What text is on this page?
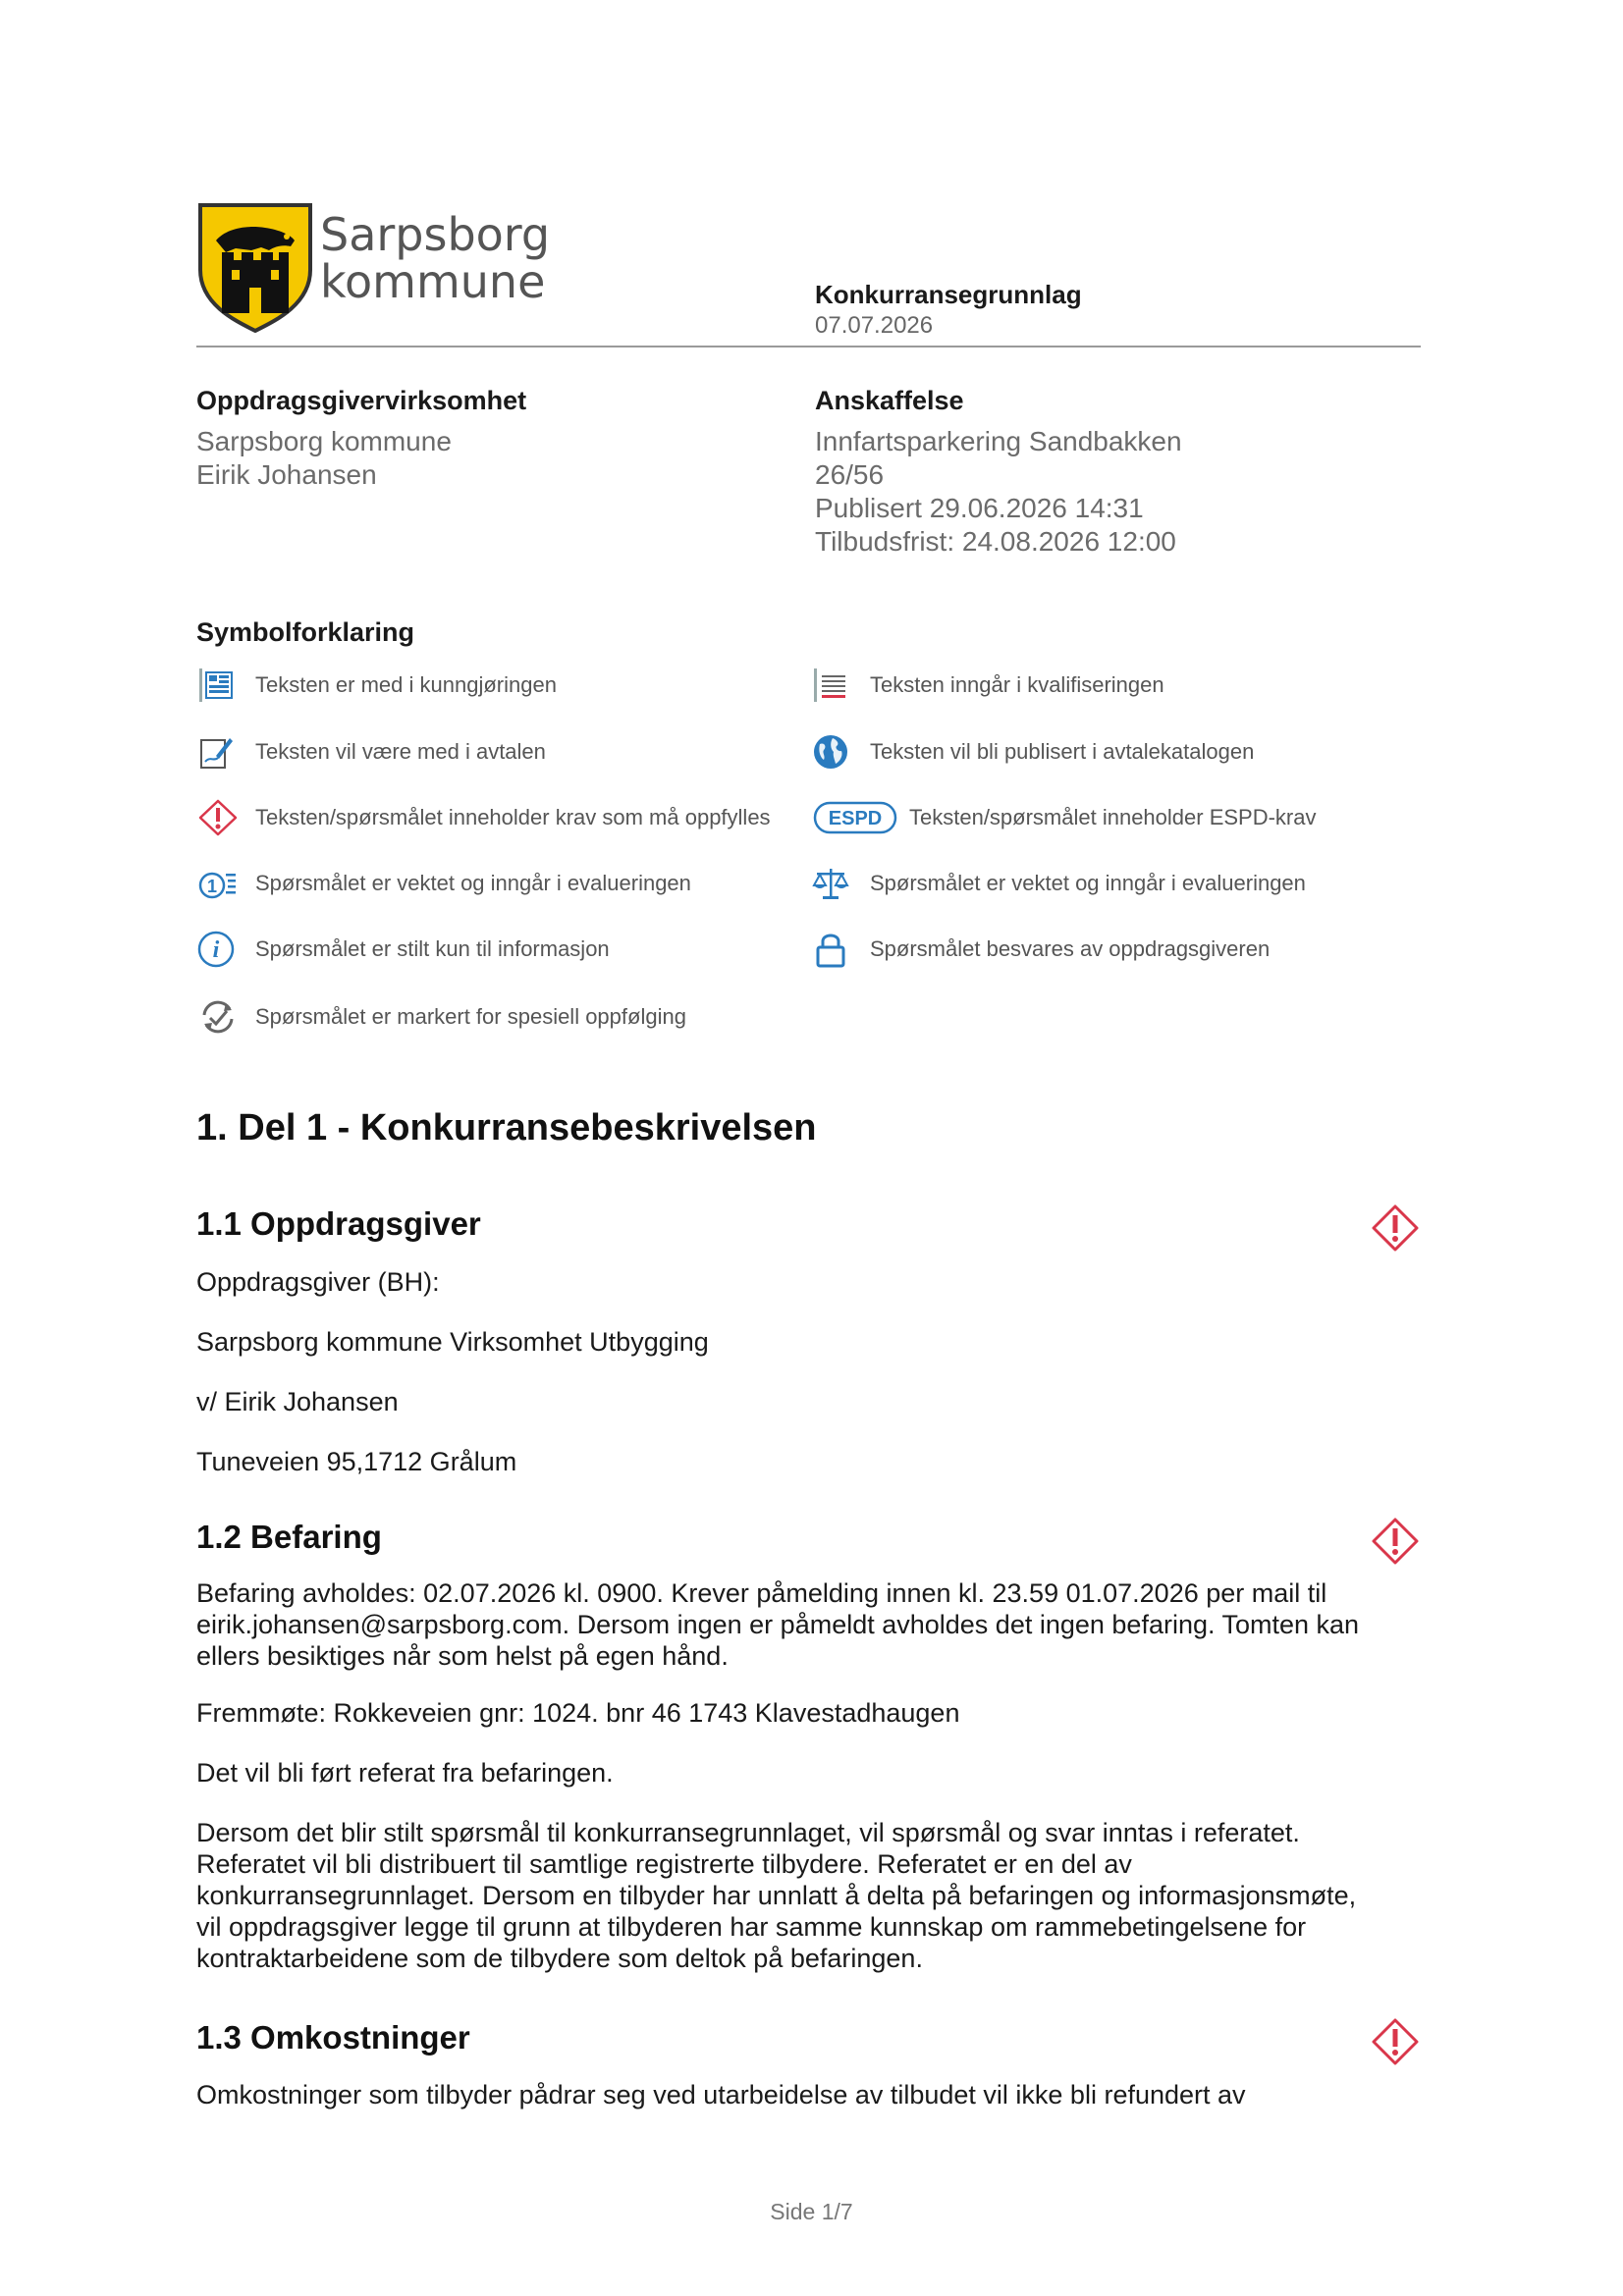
Sarpsborg
kommune	Konkurransegrunnlag
07.07.2026
Oppdragsgivervirksomhet
Sarpsborg kommune
Eirik Johansen
Anskaffelse
Innfartsparkering Sandbakken
26/56
Publisert 29.06.2026 14:31
Tilbudsfrist: 24.08.2026 12:00
Symbolforklaring
Teksten er med i kunngjøringen	Teksten inngår i kvalifiseringen
Teksten vil være med i avtalen	Teksten vil bli publisert i avtalekatalogen
Teksten/spørsmålet inneholder krav som må oppfylles	ESPD Teksten/spørsmålet inneholder ESPD-krav
1 Spørsmålet er vektet og inngår i evalueringen	Spørsmålet er vektet og inngår i evalueringen
i Spørsmålet er stilt kun til informasjon	Spørsmålet besvares av oppdragsgiveren
Spørsmålet er markert for spesiell oppfølging
1. Del 1 - Konkurransebeskrivelsen
1.1 Oppdragsgiver
Oppdragsgiver (BH):
Sarpsborg kommune Virksomhet Utbygging
v/ Eirik Johansen
Tuneveien 95,1712 Grålum
1.2 Befaring
Befaring avholdes: 02.07.2026 kl. 0900. Krever påmelding innen kl. 23.59 01.07.2026 per mail til
eirik.johansen@sarpsborg.com. Dersom ingen er påmeldt avholdes det ingen befaring. Tomten kan
ellers besiktiges når som helst på egen hånd.
Fremmøte: Rokkeveien gnr: 1024. bnr 46 1743 Klavestadhaugen
Det vil bli ført referat fra befaringen.
Dersom det blir stilt spørsmål til konkurransegrunnlaget, vil spørsmål og svar inntas i referatet.
Referatet vil bli distribuert til samtlige registrerte tilbydere. Referatet er en del av
konkurransegrunnlaget. Dersom en tilbyder har unnlatt å delta på befaringen og informasjonsmøte,
vil oppdragsgiver legge til grunn at tilbyderen har samme kunnskap om rammebetingelsene for
kontraktarbeidene som de tilbydere som deltok på befaringen.
1.3 Omkostninger
Omkostninger som tilbyder pådrar seg ved utarbeidelse av tilbudet vil ikke bli refundert av
Side 1/7
